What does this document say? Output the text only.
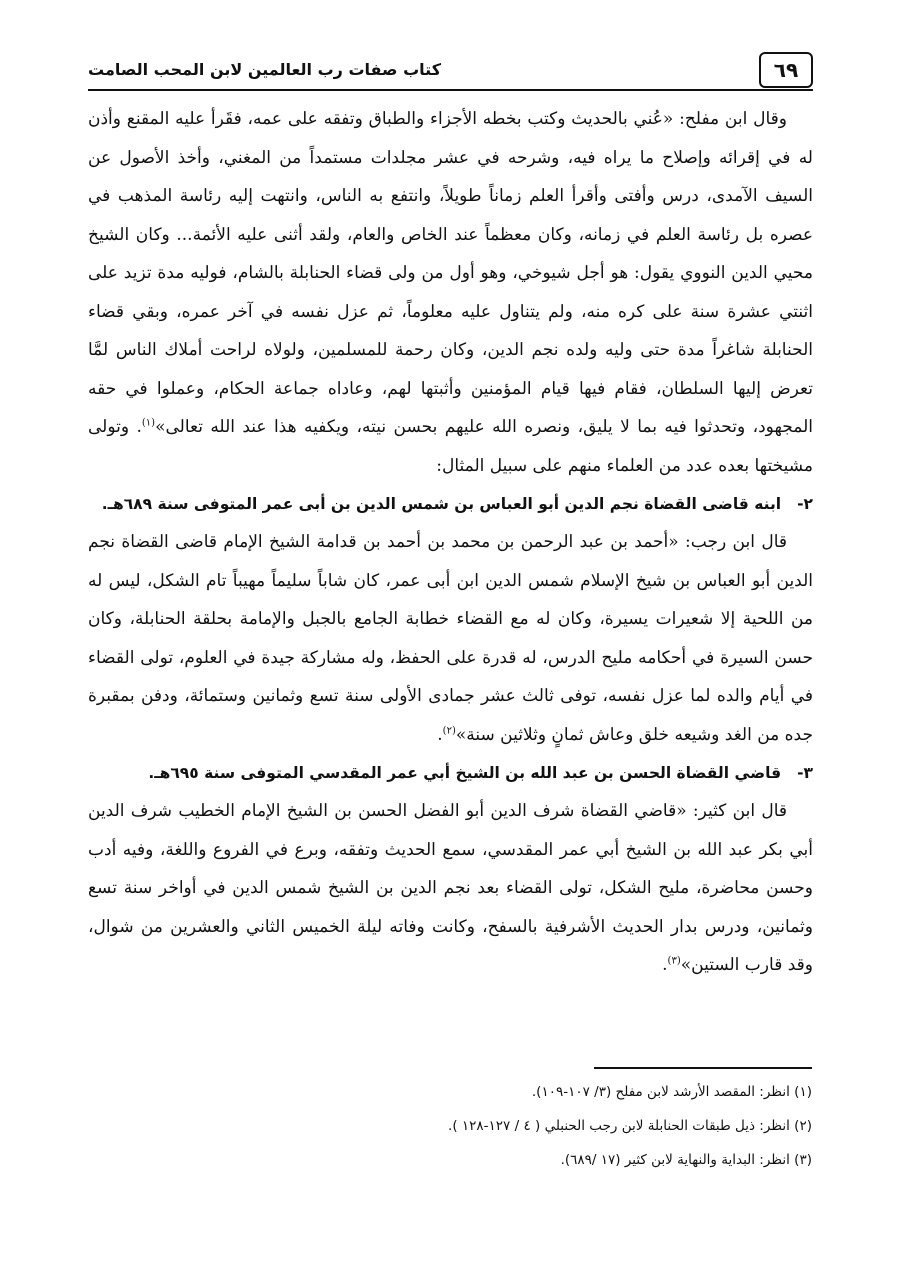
٦٩
كتاب صفات رب العالمين لابن المحب الصامت

وقال ابن مفلح: «عُني بالحديث وكتب بخطه الأجزاء والطباق وتفقه على عمه، فقَرأ عليه المقنع وأذن له في إقرائه وإصلاح ما يراه فيه، وشرحه في عشر مجلدات مستمداً من المغني، وأخذ الأصول عن السيف الآمدى، درس وأفتى وأقرأ العلم زماناً طويلاً، وانتفع به الناس، وانتهت إليه رئاسة المذهب في عصره بل رئاسة العلم في زمانه، وكان معظماً عند الخاص والعام، ولقد أثنى عليه الأئمة... وكان الشيخ محيي الدين النووي يقول: هو أجل شيوخي، وهو أول من ولى قضاء الحنابلة بالشام، فوليه مدة تزيد على اثنتي عشرة سنة على كره منه، ولم يتناول عليه معلوماً، ثم عزل نفسه في آخر عمره، وبقي قضاء الحنابلة شاغراً مدة حتى وليه ولده نجم الدين، وكان رحمة للمسلمين، ولولاه لراحت أملاك الناس لمَّا تعرض إليها السلطان، فقام فيها قيام المؤمنين وأثبتها لهم، وعاداه جماعة الحكام، وعملوا في حقه المجهود، وتحدثوا فيه بما لا يليق، ونصره الله عليهم بحسن نيته، ويكفيه هذا عند الله تعالى»$^{(١)}$. وتولى مشيختها بعده عدد من العلماء منهم على سبيل المثال:

٢-ابنه قاضى القضاة نجم الدين أبو العباس بن شمس الدين بن أبى عمر المتوفى سنة ٦٨٩هـ.

قال ابن رجب: «أحمد بن عبد الرحمن بن محمد بن أحمد بن قدامة الشيخ الإمام قاضى القضاة نجم الدين أبو العباس بن شيخ الإسلام شمس الدين ابن أبى عمر، كان شاباً سليماً مهيباً تام الشكل، ليس له من اللحية إلا شعيرات يسيرة، وكان له مع القضاء خطابة الجامع بالجبل والإمامة بحلقة الحنابلة، وكان حسن السيرة في أحكامه مليح الدرس، له قدرة على الحفظ، وله مشاركة جيدة في العلوم، تولى القضاء في أيام والده لما عزل نفسه، توفى ثالث عشر جمادى الأولى سنة تسع وثمانين وستمائة، ودفن بمقبرة جده من الغد وشيعه خلق وعاش ثمانٍ وثلاثين سنة»$^{(٢)}$.

٣-قاضي القضاة الحسن بن عبد الله بن الشيخ أبي عمر المقدسي المتوفى سنة ٦٩٥هـ.

قال ابن كثير: «قاضي القضاة شرف الدين أبو الفضل الحسن بن الشيخ الإمام الخطيب شرف الدين أبي بكر عبد الله بن الشيخ أبي عمر المقدسي، سمع الحديث وتفقه، وبرع في الفروع واللغة، وفيه أدب وحسن محاضرة، مليح الشكل، تولى القضاء بعد نجم الدين بن الشيخ شمس الدين في أواخر سنة تسع وثمانين، ودرس بدار الحديث الأشرفية بالسفح، وكانت وفاته ليلة الخميس الثاني والعشرين من شوال، وقد قارب الستين»$^{(٣)}$.

(١) انظر: المقصد الأرشد لابن مفلح (٣/ ١٠٧-١٠٩).
(٢) انظر: ذيل طبقات الحنابلة لابن رجب الحنبلي ( ٤ / ١٢٧-١٢٨ ).
(٣) انظر: البداية والنهاية لابن كثير (١٧ /٦٨٩).
